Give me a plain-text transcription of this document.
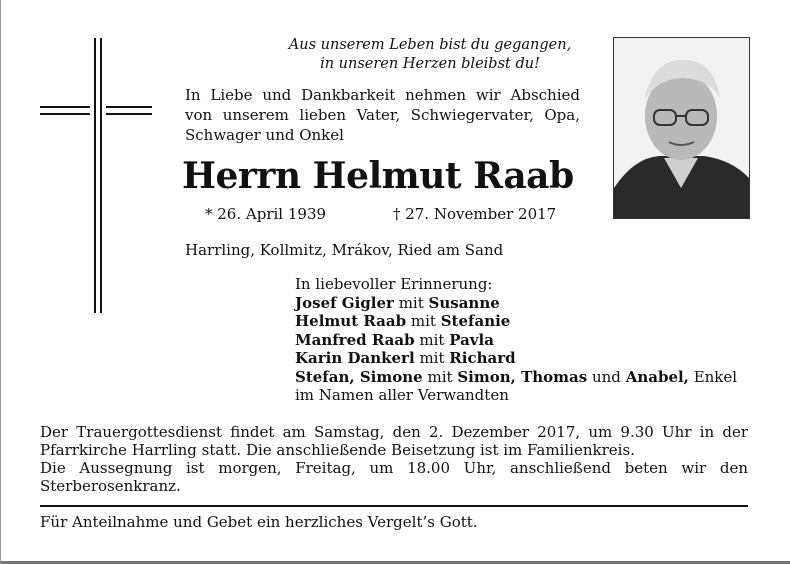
Aus unserem Leben bist du gegangen,
in unseren Herzen bleibst du!
In Liebe und Dankbarkeit nehmen wir Abschied von unserem lieben Vater, Schwiegervater, Opa, Schwager und Onkel
Herrn Helmut Raab
* 26. April 1939	† 27. November 2017
Harrling, Kollmitz, Mrákov, Ried am Sand
In liebevoller Erinnerung:
Josef Gigler mit Susanne
Helmut Raab mit Stefanie
Manfred Raab mit Pavla
Karin Dankerl mit Richard
Stefan, Simone mit Simon, Thomas und Anabel, Enkel
im Namen aller Verwandten
Der Trauergottesdienst findet am Samstag, den 2. Dezember 2017, um 9.30 Uhr in der Pfarrkirche Harrling statt. Die anschließende Beisetzung ist im Familienkreis.
Die Aussegnung ist morgen, Freitag, um 18.00 Uhr, anschließend beten wir den Sterberosenkranz.
Für Anteilnahme und Gebet ein herzliches Vergelt’s Gott.
